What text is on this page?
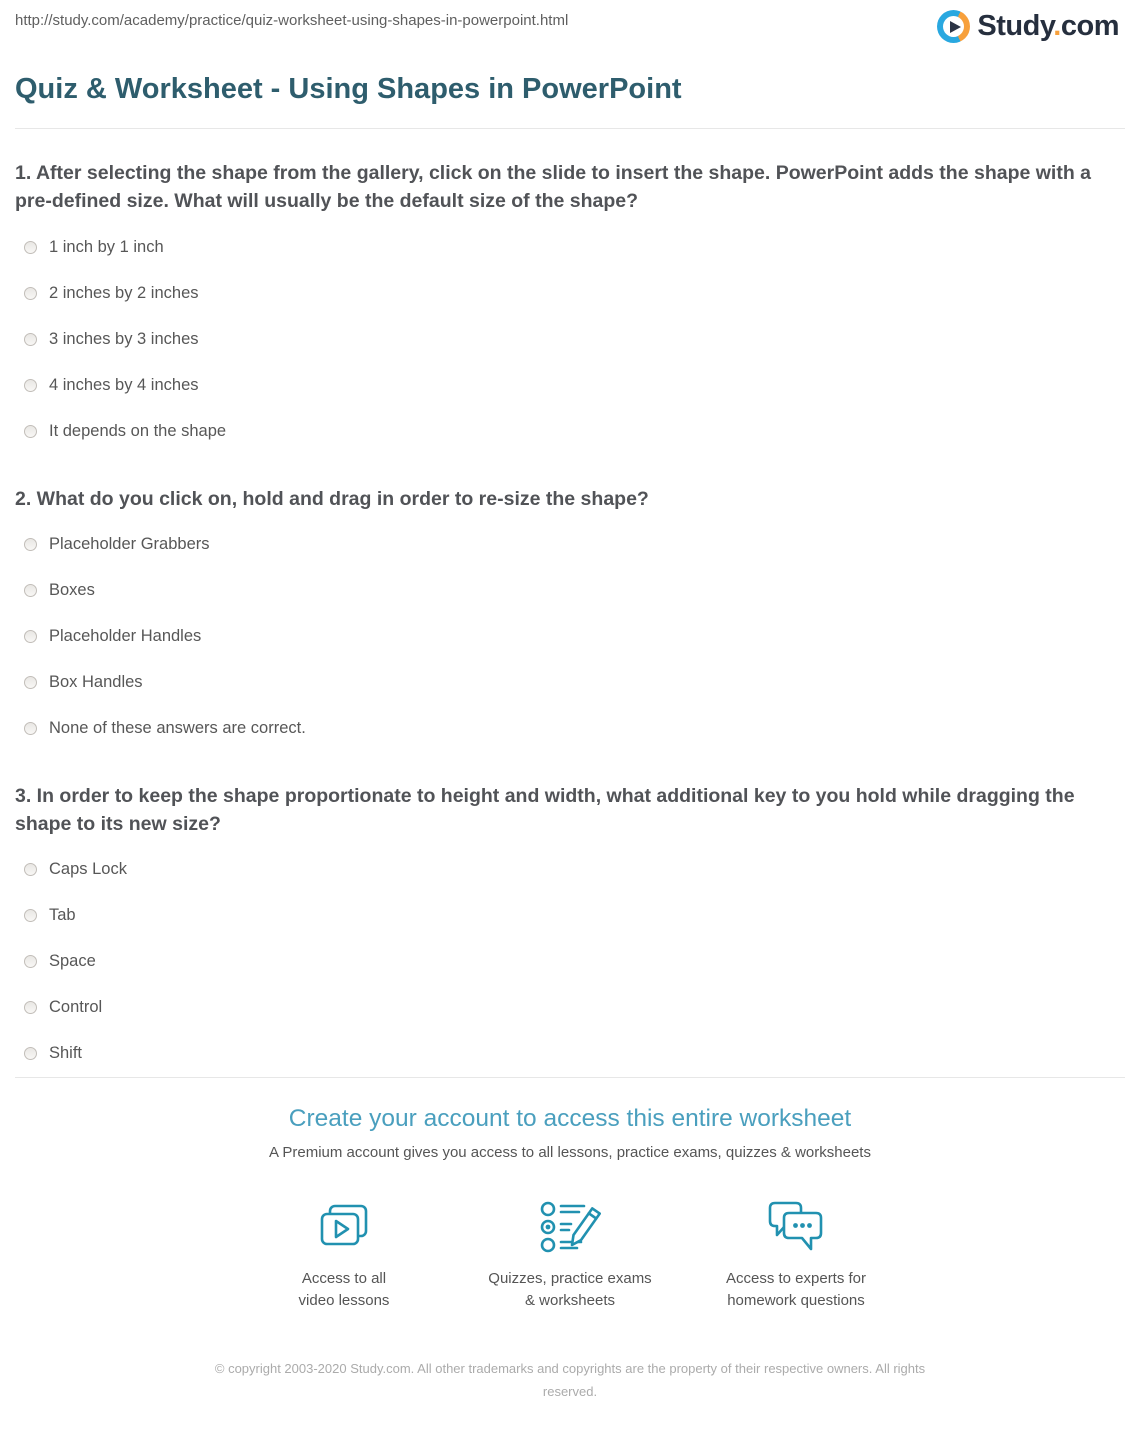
http://study.com/academy/practice/quiz-worksheet-using-shapes-in-powerpoint.html	Study.com
Quiz & Worksheet - Using Shapes in PowerPoint
1. After selecting the shape from the gallery, click on the slide to insert the shape. PowerPoint adds the shape with a pre-defined size. What will usually be the default size of the shape?
1 inch by 1 inch
2 inches by 2 inches
3 inches by 3 inches
4 inches by 4 inches
It depends on the shape
2. What do you click on, hold and drag in order to re-size the shape?
Placeholder Grabbers
Boxes
Placeholder Handles
Box Handles
None of these answers are correct.
3. In order to keep the shape proportionate to height and width, what additional key to you hold while dragging the shape to its new size?
Caps Lock
Tab
Space
Control
Shift
Create your account to access this entire worksheet

A Premium account gives you access to all lessons, practice exams, quizzes & worksheets

Access to all
video lessons
Quizzes, practice exams
& worksheets
Access to experts for
homework questions

© copyright 2003-2020 Study.com. All other trademarks and copyrights are the property of their respective owners. All rights reserved.
